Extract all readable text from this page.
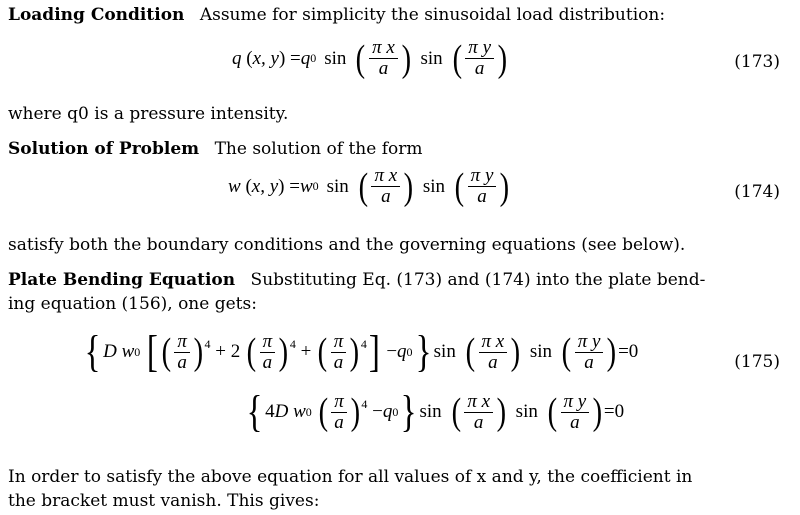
Loading Condition Assume for simplicity the sinusoidal load distribution:
q ( x, y ) = q 0 sin ( $\frac{\text{π x}}{a}$ ) sin ( $\frac{\text{π y}}{a}$ )	(173)
where q0 is a pressure intensity.
Solution of Problem The solution of the form
w ( x, y ) = w 0 sin ( $\frac{\text{π x}}{a}$ ) sin ( $\frac{\text{π y}}{a}$ )	(174)
satisfy both the boundary conditions and the governing equations (see below).
Plate Bending Equation Substituting Eq. (173) and (174) into the plate bend-
ing equation (156), one gets:
{ D w 0
[ ( $\frac{\pi}{a}$ ) 4 + 2 ( $\frac{\pi}{a}$ ) 4 + ( $\frac{\pi}{a}$ ) 4 ] − q 0 } sin ( $\frac{\text{π x}}{a}$ ) sin ( $\frac{\text{π y}}{a}$ ) =0	(175)
{ 4 D w 0
( $\frac{\pi}{a}$ ) 4 − q 0 } sin ( $\frac{\text{π x}}{a}$ ) sin ( $\frac{\text{π y}}{a}$ ) =0
In order to satisfy the above equation for all values of x and y, the coefficient in
the bracket must vanish. This gives:
